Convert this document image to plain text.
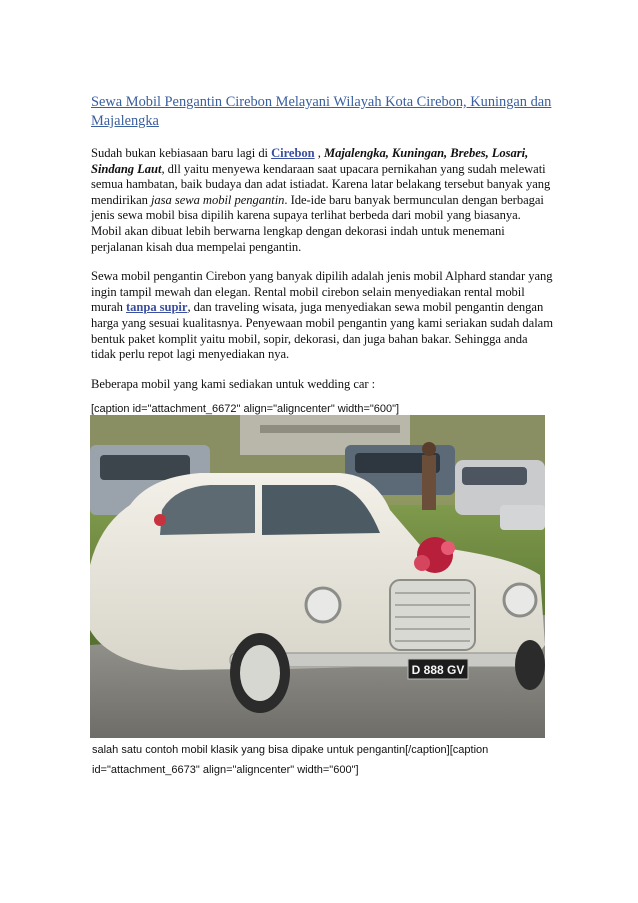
Sewa Mobil Pengantin Cirebon Melayani Wilayah Kota Cirebon, Kuningan dan Majalengka

Sudah bukan kebiasaan baru lagi di Cirebon , Majalengka, Kuningan, Brebes, Losari, Sindang Laut, dll yaitu menyewa kendaraan saat upacara pernikahan yang sudah melewati semua hambatan, baik budaya dan adat istiadat. Karena latar belakang tersebut banyak yang mendirikan jasa sewa mobil pengantin. Ide-ide baru banyak bermunculan dengan berbagai jenis sewa mobil bisa dipilih karena supaya terlihat berbeda dari mobil yang biasanya. Mobil akan dibuat lebih berwarna lengkap dengan dekorasi indah untuk menemani perjalanan kisah dua mempelai pengantin.

Sewa mobil pengantin Cirebon yang banyak dipilih adalah jenis mobil Alphard standar yang ingin tampil mewah dan elegan. Rental mobil cirebon selain menyediakan rental mobil murah tanpa supir, dan traveling wisata, juga menyediakan sewa mobil pengantin dengan harga yang sesuai kualitasnya. Penyewaan mobil pengantin yang kami seriakan sudah dalam bentuk paket komplit yaitu mobil, sopir, dekorasi, dan juga bahan bakar. Sehingga anda tidak perlu repot lagi menyediakan nya.

Beberapa mobil yang kami sediakan untuk wedding car :

[caption id="attachment_6672" align="aligncenter" width="600"]

D 888 GV
salah satu contoh mobil klasik yang bisa dipake untuk pengantin[/caption][caption id="attachment_6673" align="aligncenter" width="600"]
